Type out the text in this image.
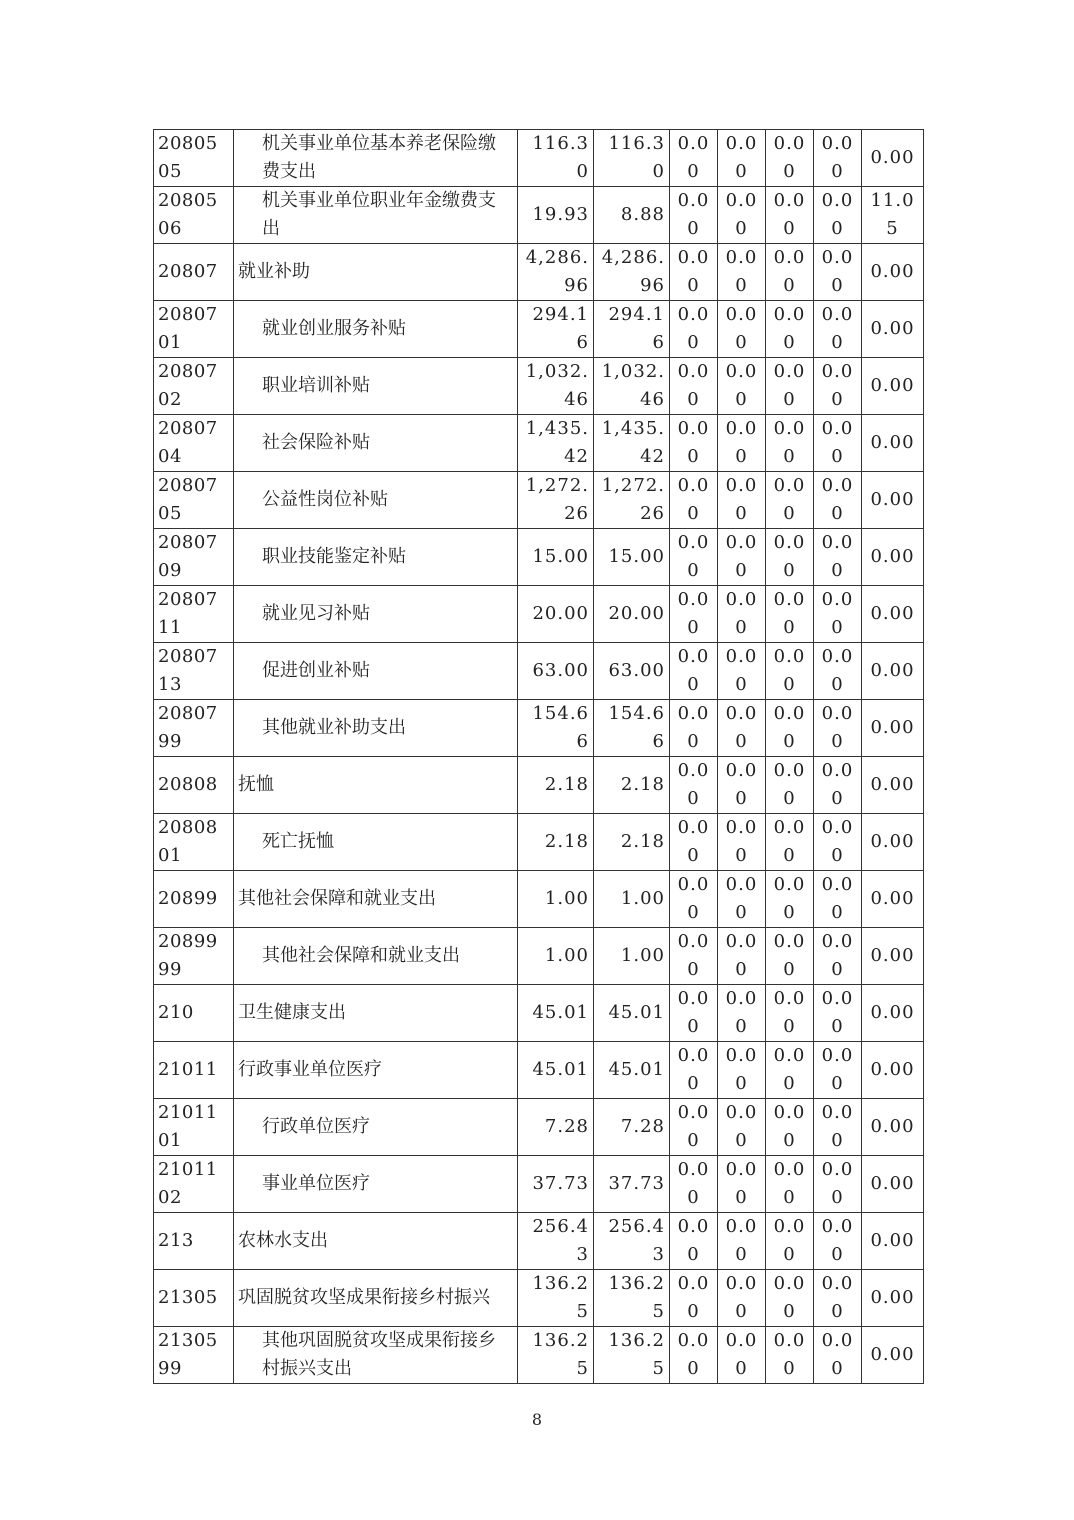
2080505	机关事业单位基本养老保险缴费支出	116.30	116.30	0.00	0.00	0.00	0.00	0.00
2080506	机关事业单位职业年金缴费支出	19.93	8.88	0.00	0.00	0.00	0.00	11.05
20807	就业补助	4,286.96	4,286.96	0.00	0.00	0.00	0.00	0.00
2080701	就业创业服务补贴	294.16	294.16	0.00	0.00	0.00	0.00	0.00
2080702	职业培训补贴	1,032.46	1,032.46	0.00	0.00	0.00	0.00	0.00
2080704	社会保险补贴	1,435.42	1,435.42	0.00	0.00	0.00	0.00	0.00
2080705	公益性岗位补贴	1,272.26	1,272.26	0.00	0.00	0.00	0.00	0.00
2080709	职业技能鉴定补贴	15.00	15.00	0.00	0.00	0.00	0.00	0.00
2080711	就业见习补贴	20.00	20.00	0.00	0.00	0.00	0.00	0.00
2080713	促进创业补贴	63.00	63.00	0.00	0.00	0.00	0.00	0.00
2080799	其他就业补助支出	154.66	154.66	0.00	0.00	0.00	0.00	0.00
20808	抚恤	2.18	2.18	0.00	0.00	0.00	0.00	0.00
2080801	死亡抚恤	2.18	2.18	0.00	0.00	0.00	0.00	0.00
20899	其他社会保障和就业支出	1.00	1.00	0.00	0.00	0.00	0.00	0.00
2089999	其他社会保障和就业支出	1.00	1.00	0.00	0.00	0.00	0.00	0.00
210	卫生健康支出	45.01	45.01	0.00	0.00	0.00	0.00	0.00
21011	行政事业单位医疗	45.01	45.01	0.00	0.00	0.00	0.00	0.00
2101101	行政单位医疗	7.28	7.28	0.00	0.00	0.00	0.00	0.00
2101102	事业单位医疗	37.73	37.73	0.00	0.00	0.00	0.00	0.00
213	农林水支出	256.43	256.43	0.00	0.00	0.00	0.00	0.00
21305	巩固脱贫攻坚成果衔接乡村振兴	136.25	136.25	0.00	0.00	0.00	0.00	0.00
2130599	其他巩固脱贫攻坚成果衔接乡村振兴支出	136.25	136.25	0.00	0.00	0.00	0.00	0.00
8
